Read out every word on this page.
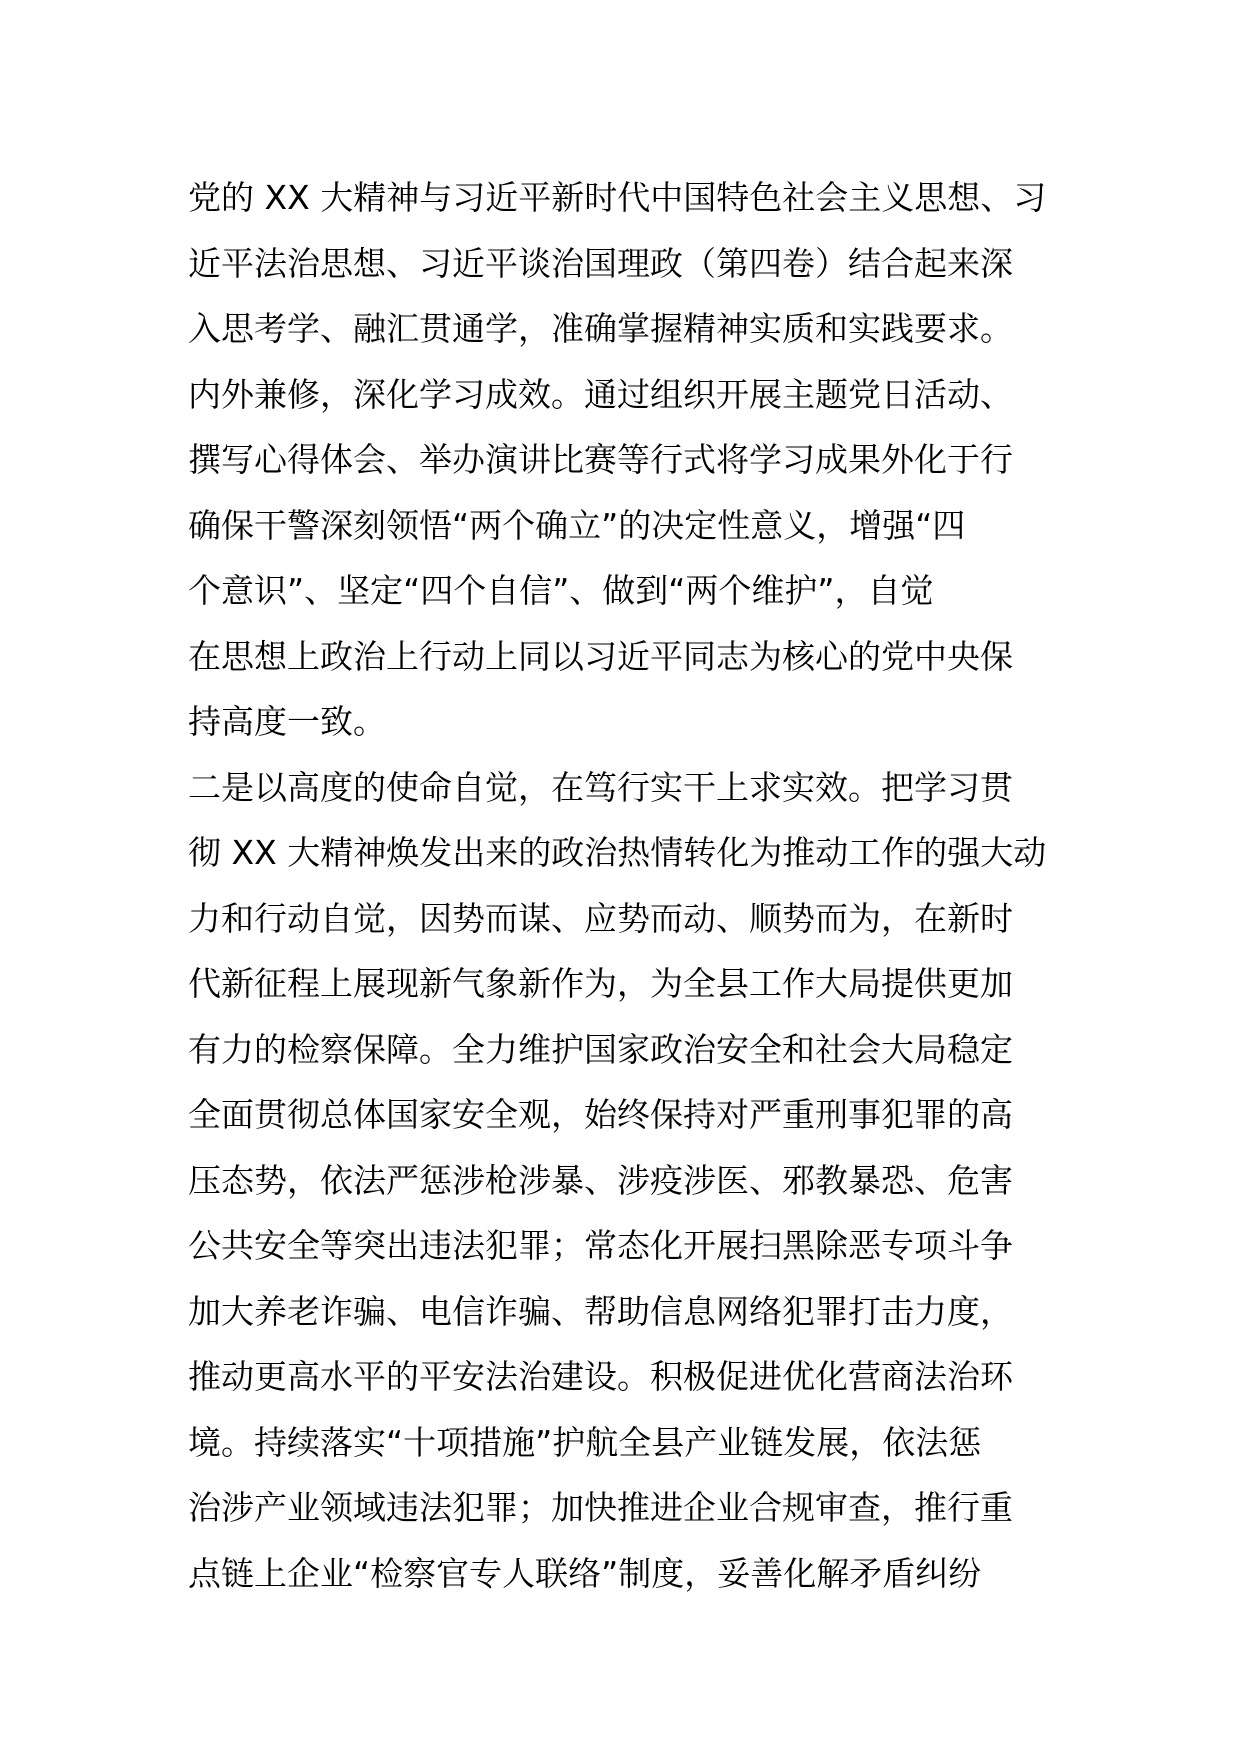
党的 XX 大精神与习近平新时代中国特色社会主义思想、习
近平法治思想、习近平谈治国理政（第四卷）结合起来深
入思考学、融汇贯通学，准确掌握精神实质和实践要求。
内外兼修，深化学习成效。通过组织开展主题党日活动、
撰写心得体会、举办演讲比赛等行式将学习成果外化于行
确保干警深刻领悟“两个确立”的决定性意义，增强“四
个意识”、坚定“四个自信”、做到“两个维护”，自觉
在思想上政治上行动上同以习近平同志为核心的党中央保
持高度一致。
二是以高度的使命自觉，在笃行实干上求实效。把学习贯
彻 XX 大精神焕发出来的政治热情转化为推动工作的强大动
力和行动自觉，因势而谋、应势而动、顺势而为，在新时
代新征程上展现新气象新作为，为全县工作大局提供更加
有力的检察保障。全力维护国家政治安全和社会大局稳定
全面贯彻总体国家安全观，始终保持对严重刑事犯罪的高
压态势，依法严惩涉枪涉暴、涉疫涉医、邪教暴恐、危害
公共安全等突出违法犯罪；常态化开展扫黑除恶专项斗争
加大养老诈骗、电信诈骗、帮助信息网络犯罪打击力度，
推动更高水平的平安法治建设。积极促进优化营商法治环
境。持续落实“十项措施”护航全县产业链发展，依法惩
治涉产业领域违法犯罪；加快推进企业合规审查，推行重
点链上企业“检察官专人联络”制度，妥善化解矛盾纠纷
